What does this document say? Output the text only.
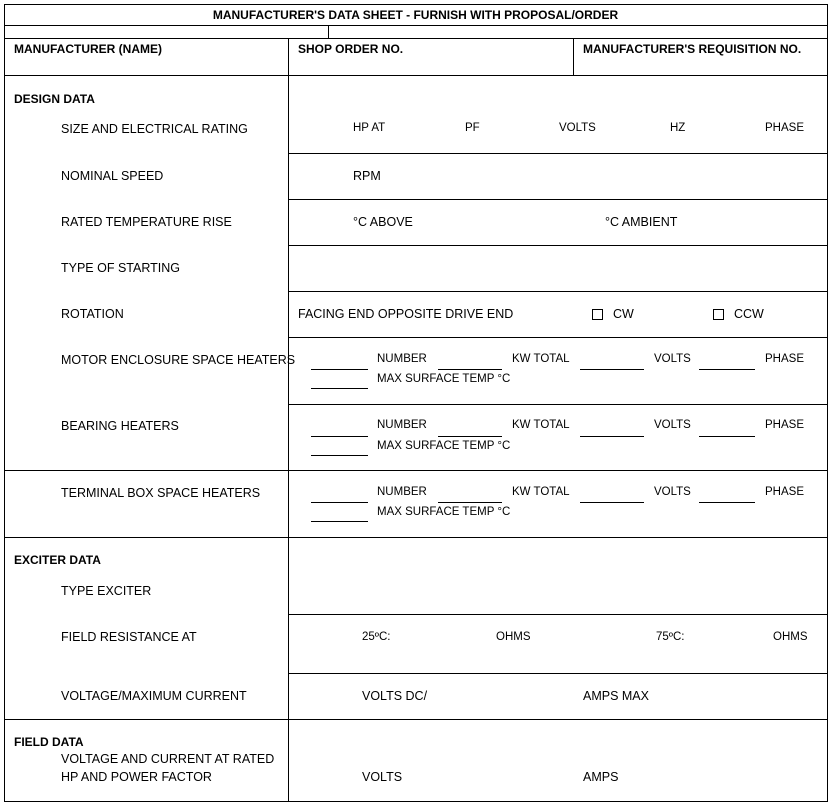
MANUFACTURER'S DATA SHEET - FURNISH WITH PROPOSAL/ORDER
MANUFACTURER (NAME)	SHOP ORDER NO.	MANUFACTURER'S REQUISITION NO.
DESIGN DATA
SIZE AND ELECTRICAL RATING	HP AT	PF	VOLTS	HZ	PHASE
NOMINAL SPEED	RPM
RATED TEMPERATURE RISE	°C ABOVE	°C AMBIENT
TYPE OF STARTING
ROTATION	FACING END OPPOSITE DRIVE END	CW	CCW
MOTOR ENCLOSURE SPACE HEATERS	NUMBER	KW TOTAL	VOLTS	PHASE
MAX SURFACE TEMP °C
BEARING HEATERS	NUMBER	KW TOTAL	VOLTS	PHASE
MAX SURFACE TEMP °C
TERMINAL BOX SPACE HEATERS	NUMBER	KW TOTAL	VOLTS	PHASE
MAX SURFACE TEMP °C
EXCITER DATA
TYPE EXCITER
FIELD RESISTANCE AT	25ºC:	OHMS	75ºC:	OHMS
VOLTAGE/MAXIMUM CURRENT	VOLTS DC/	AMPS MAX
FIELD DATA
VOLTAGE AND CURRENT AT RATED
HP AND POWER FACTOR	VOLTS	AMPS
